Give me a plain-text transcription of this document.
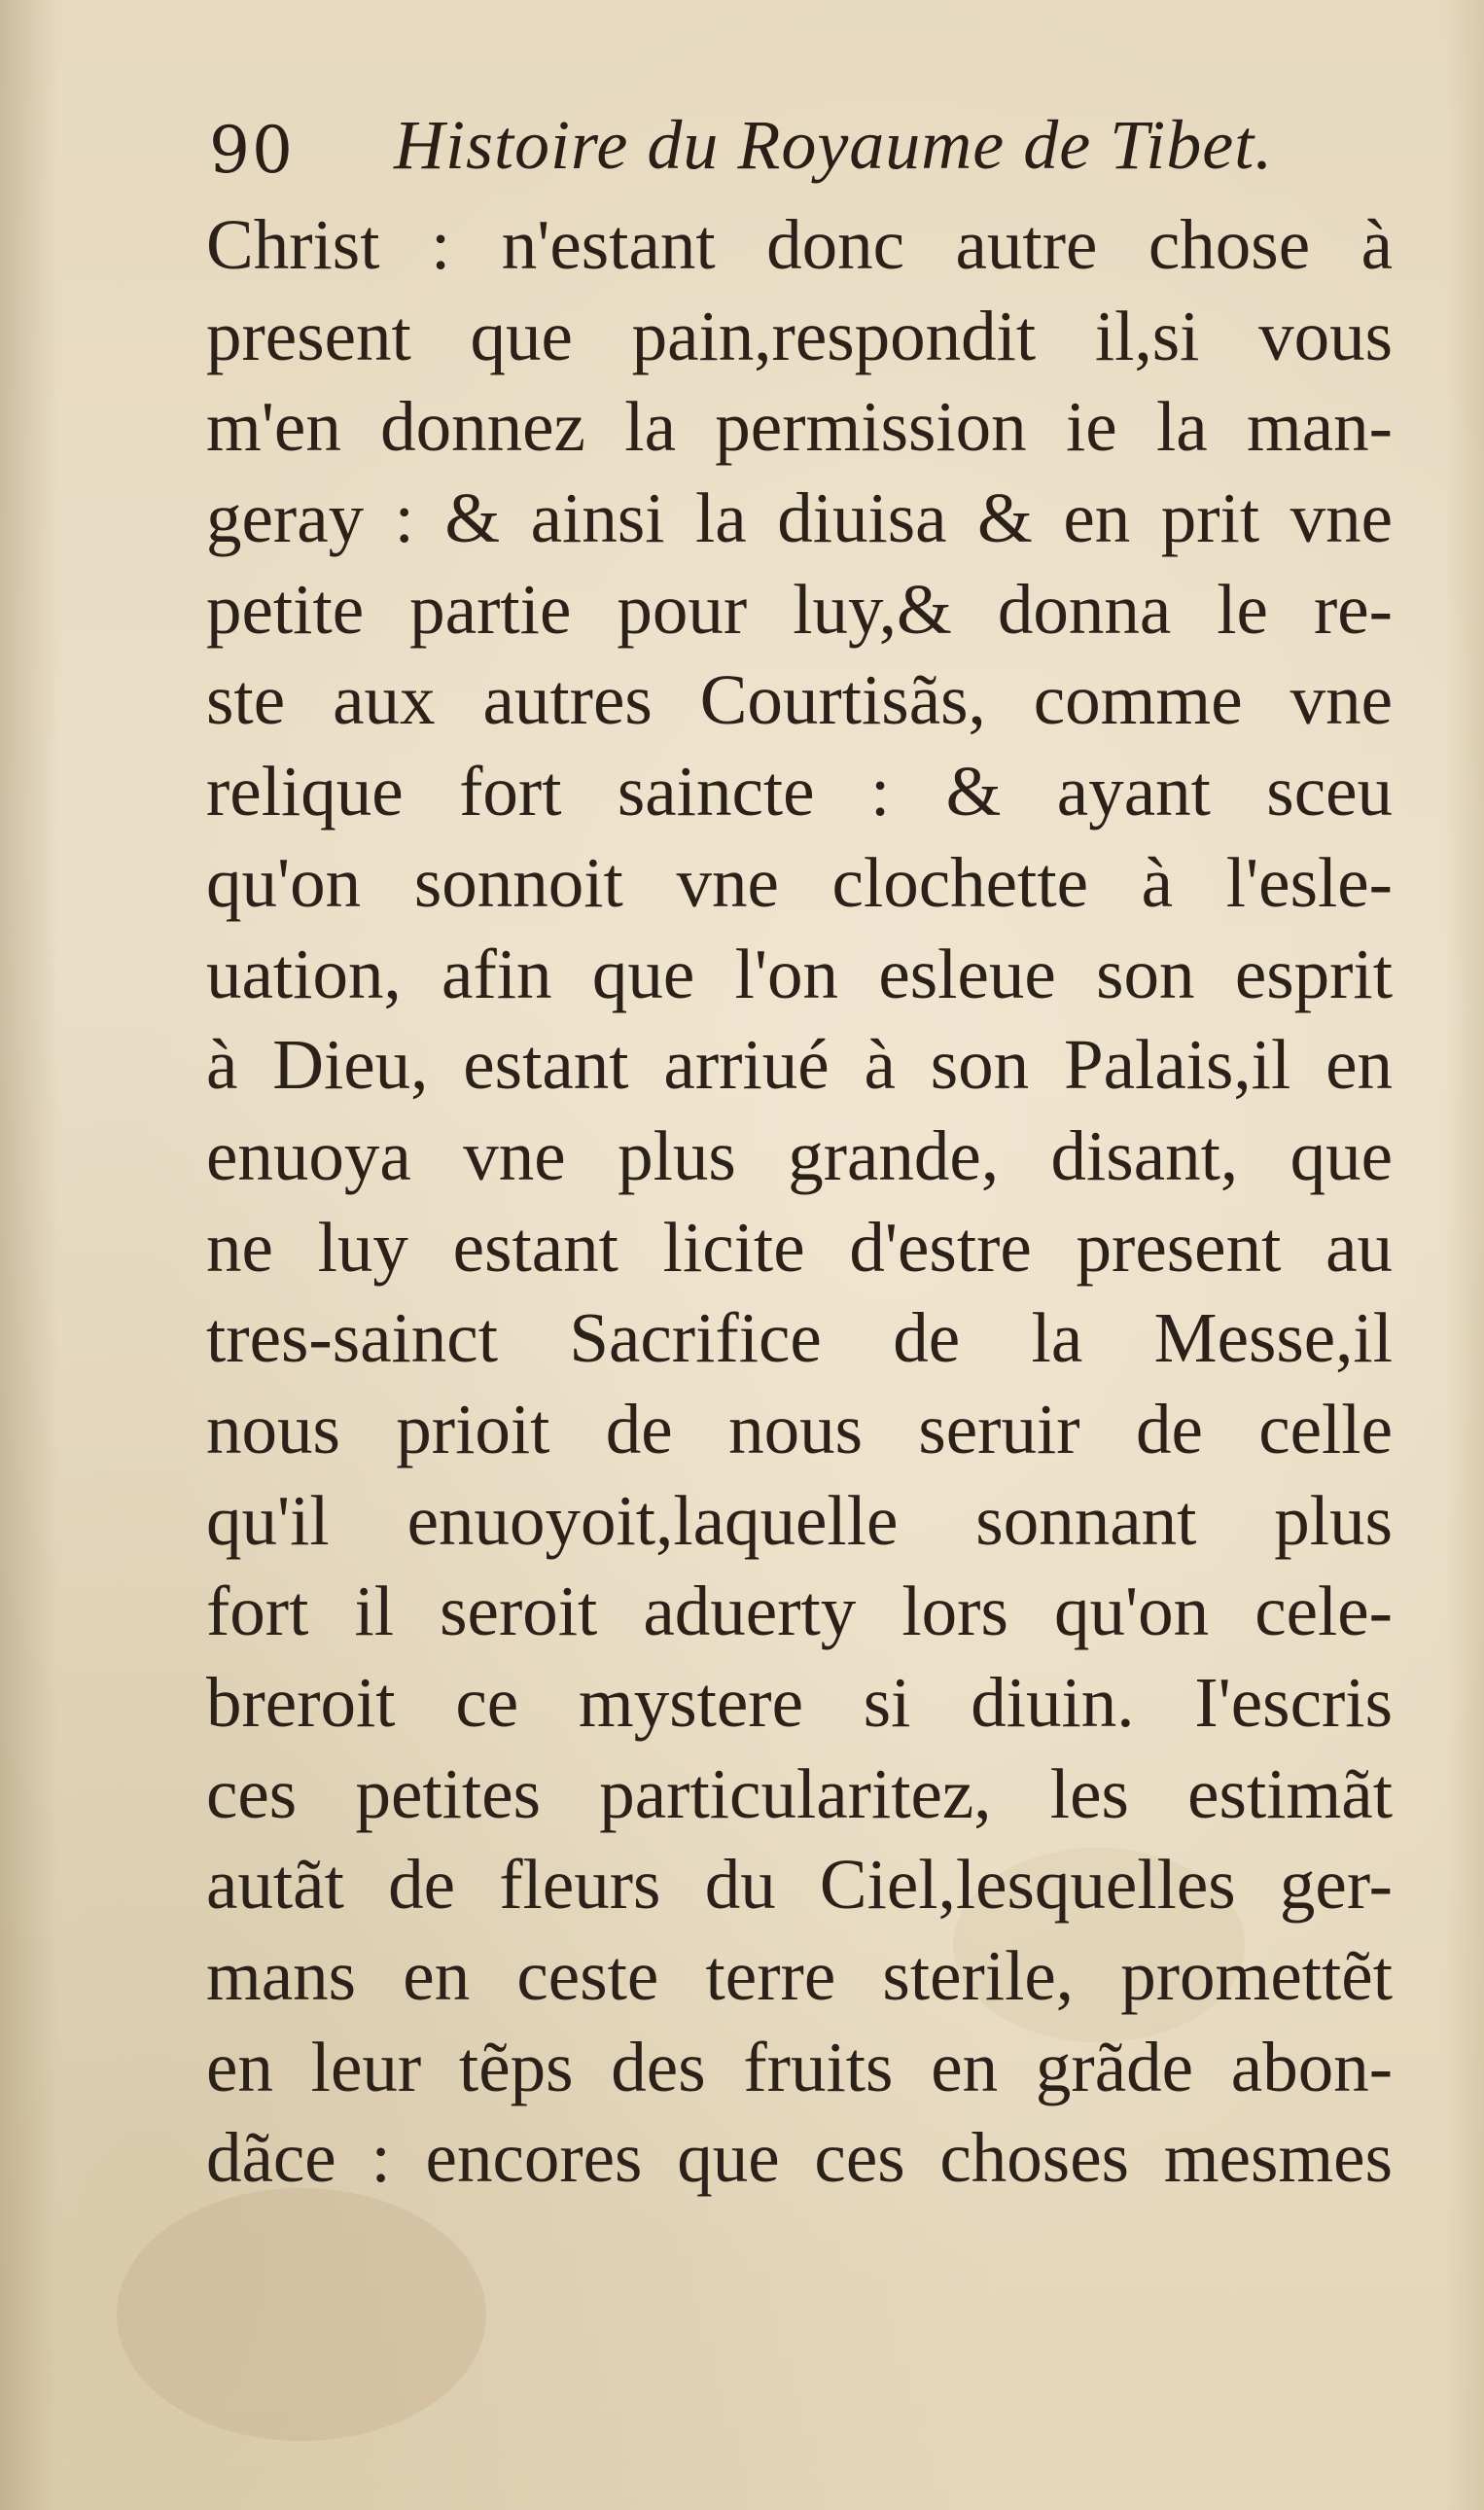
90 Histoire du Royaume de Tibet.
Christ : n'estant donc autre chose à
present que pain,respondit il,si vous
m'en donnez la permission ie la man-
geray : & ainsi la diuisa & en prit vne
petite partie pour luy,& donna le re-
ste aux autres Courtisãs, comme vne
relique fort saincte : & ayant sceu
qu'on sonnoit vne clochette à l'esle-
uation, afin que l'on esleue son esprit
à Dieu, estant arriué à son Palais,il en
enuoya vne plus grande, disant, que
ne luy estant licite d'estre present au
tres-sainct Sacrifice de la Messe,il
nous prioit de nous seruir de celle
qu'il enuoyoit,laquelle sonnant plus
fort il seroit aduerty lors qu'on cele-
breroit ce mystere si diuin. I'escris
ces petites particularitez, les estimãt
autãt de fleurs du Ciel,lesquelles ger-
mans en ceste terre sterile, promettẽt
en leur tẽps des fruits en grãde abon-
dãce : encores que ces choses mesmes
